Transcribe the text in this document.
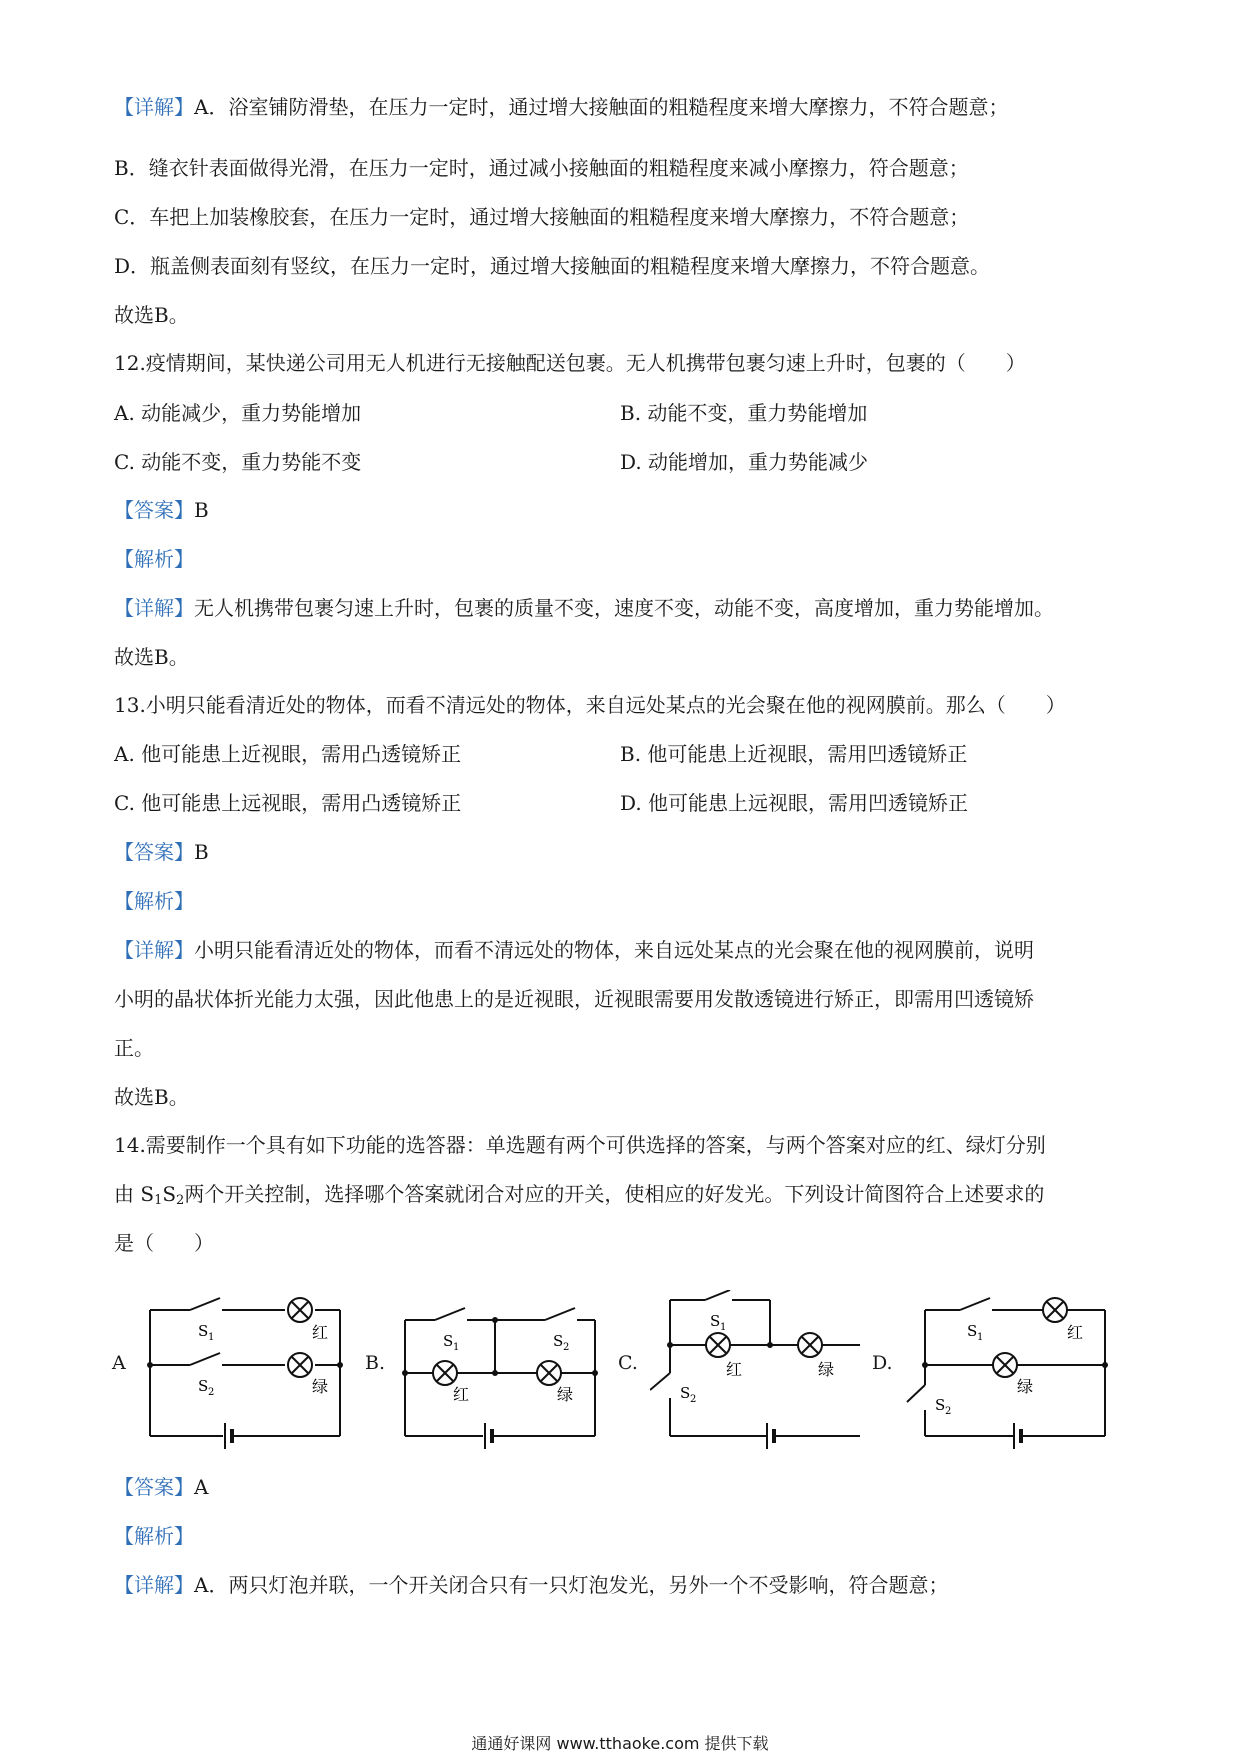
【详解】A．浴室铺防滑垫，在压力一定时，通过增大接触面的粗糙程度来增大摩擦力，不符合题意；
B．缝衣针表面做得光滑，在压力一定时，通过减小接触面的粗糙程度来减小摩擦力，符合题意；
C．车把上加装橡胶套，在压力一定时，通过增大接触面的粗糙程度来增大摩擦力，不符合题意；
D．瓶盖侧表面刻有竖纹，在压力一定时，通过增大接触面的粗糙程度来增大摩擦力，不符合题意。
故选B。
12.疫情期间，某快递公司用无人机进行无接触配送包裹。无人机携带包裹匀速上升时，包裹的（　　）
A. 动能减少，重力势能增加	B. 动能不变，重力势能增加
C. 动能不变，重力势能不变	D. 动能增加，重力势能减少
【答案】B
【解析】
【详解】无人机携带包裹匀速上升时，包裹的质量不变，速度不变，动能不变，高度增加，重力势能增加。
故选B。
13.小明只能看清近处的物体，而看不清远处的物体，来自远处某点的光会聚在他的视网膜前。那么（　　）
A. 他可能患上近视眼，需用凸透镜矫正	B. 他可能患上近视眼，需用凹透镜矫正
C. 他可能患上远视眼，需用凸透镜矫正	D. 他可能患上远视眼，需用凹透镜矫正
【答案】B
【解析】
【详解】小明只能看清近处的物体，而看不清远处的物体，来自远处某点的光会聚在他的视网膜前，说明
小明的晶状体折光能力太强，因此他患上的是近视眼，近视眼需要用发散透镜进行矫正，即需用凹透镜矫
正。
故选B。
14.需要制作一个具有如下功能的选答器：单选题有两个可供选择的答案，与两个答案对应的红、绿灯分别
由 $S_1S_2$两个开关控制，选择哪个答案就闭合对应的开关，使相应的好发光。下列设计简图符合上述要求的
是（　　）
A	B.	C.	D.
S 1
S 2
红
绿
S 1	S 2
红	绿
S 1
S 2
红	绿
S 1
S 2
红
绿
【答案】A
【解析】
【详解】A．两只灯泡并联，一个开关闭合只有一只灯泡发光，另外一个不受影响，符合题意；
通通好课网 www.tthaoke.com 提供下载
